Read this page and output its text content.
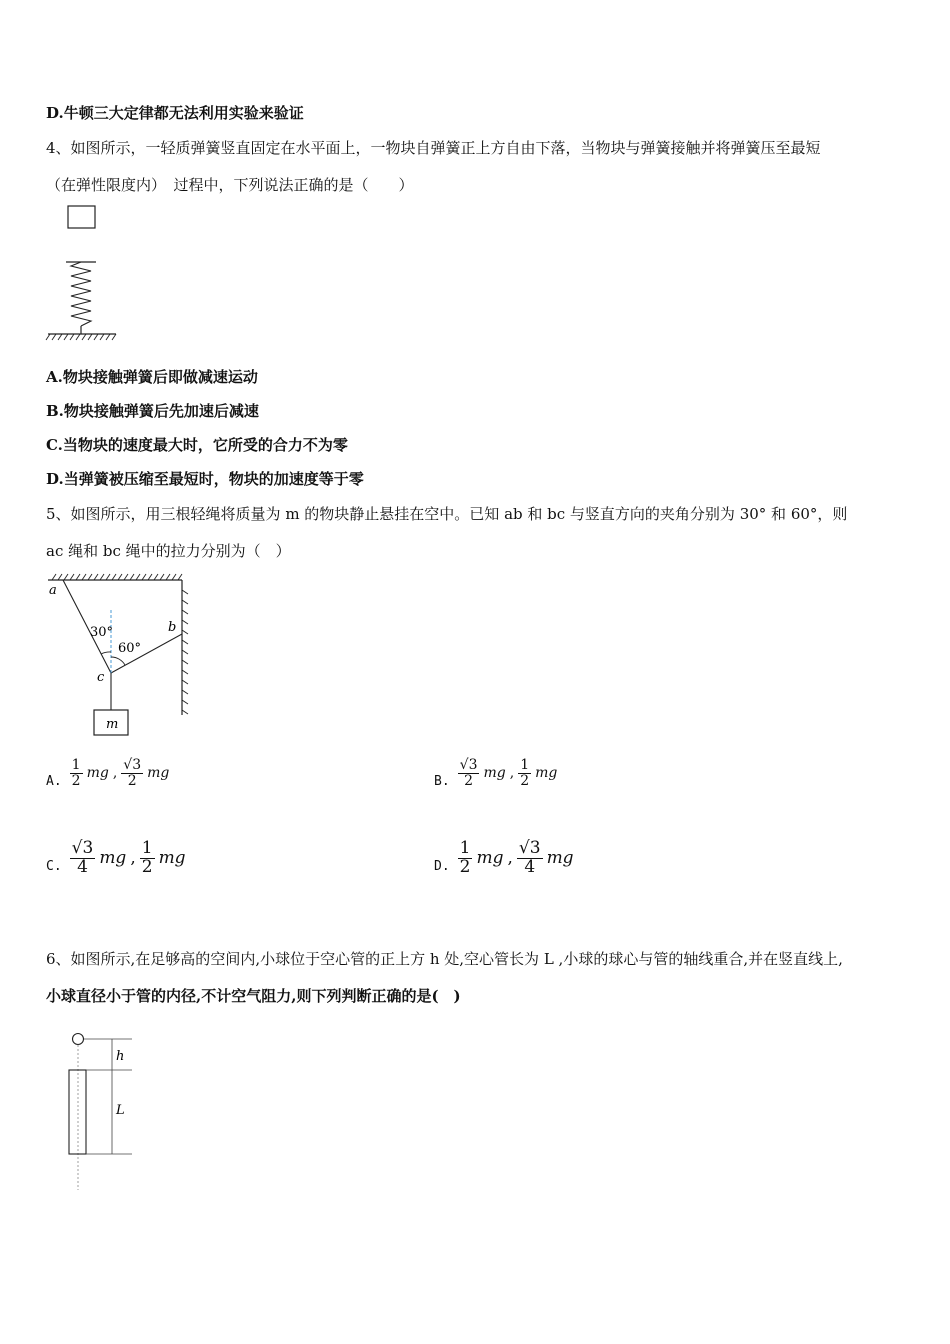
D.牛顿三大定律都无法利用实验来验证
4、如图所示，一轻质弹簧竖直固定在水平面上，一物块自弹簧正上方自由下落，当物块与弹簧接触并将弹簧压至最短
（在弹性限度内）　过程中，下列说法正确的是（　　）
A.物块接触弹簧后即做减速运动
B.物块接触弹簧后先加速后减速
C.当物块的速度最大时，它所受的合力不为零
D.当弹簧被压缩至最短时，物块的加速度等于零
5、如图所示，用三根轻绳将质量为 m 的物块静止悬挂在空中。已知 ab 和 bc 与竖直方向的夹角分别为 30° 和 60°，则
ac 绳和 bc 绳中的拉力分别为（　）
a
b
c
m
30°
60°
A. $\frac{1}{2}$ mg , $\frac{√3}{2}$ mg	B. $\frac{√3}{2}$ mg , $\frac{1}{2}$ mg
C. $\frac{√3}{4}$ mg , $\frac{1}{2}$ mg	D. $\frac{1}{2}$ mg , $\frac{√3}{4}$ mg
6、如图所示,在足够高的空间内,小球位于空心管的正上方 h 处,空心管长为 L ,小球的球心与管的轴线重合,并在竖直线上,
小球直径小于管的内径,不计空气阻力,则下列判断正确的是(　)
h
L
